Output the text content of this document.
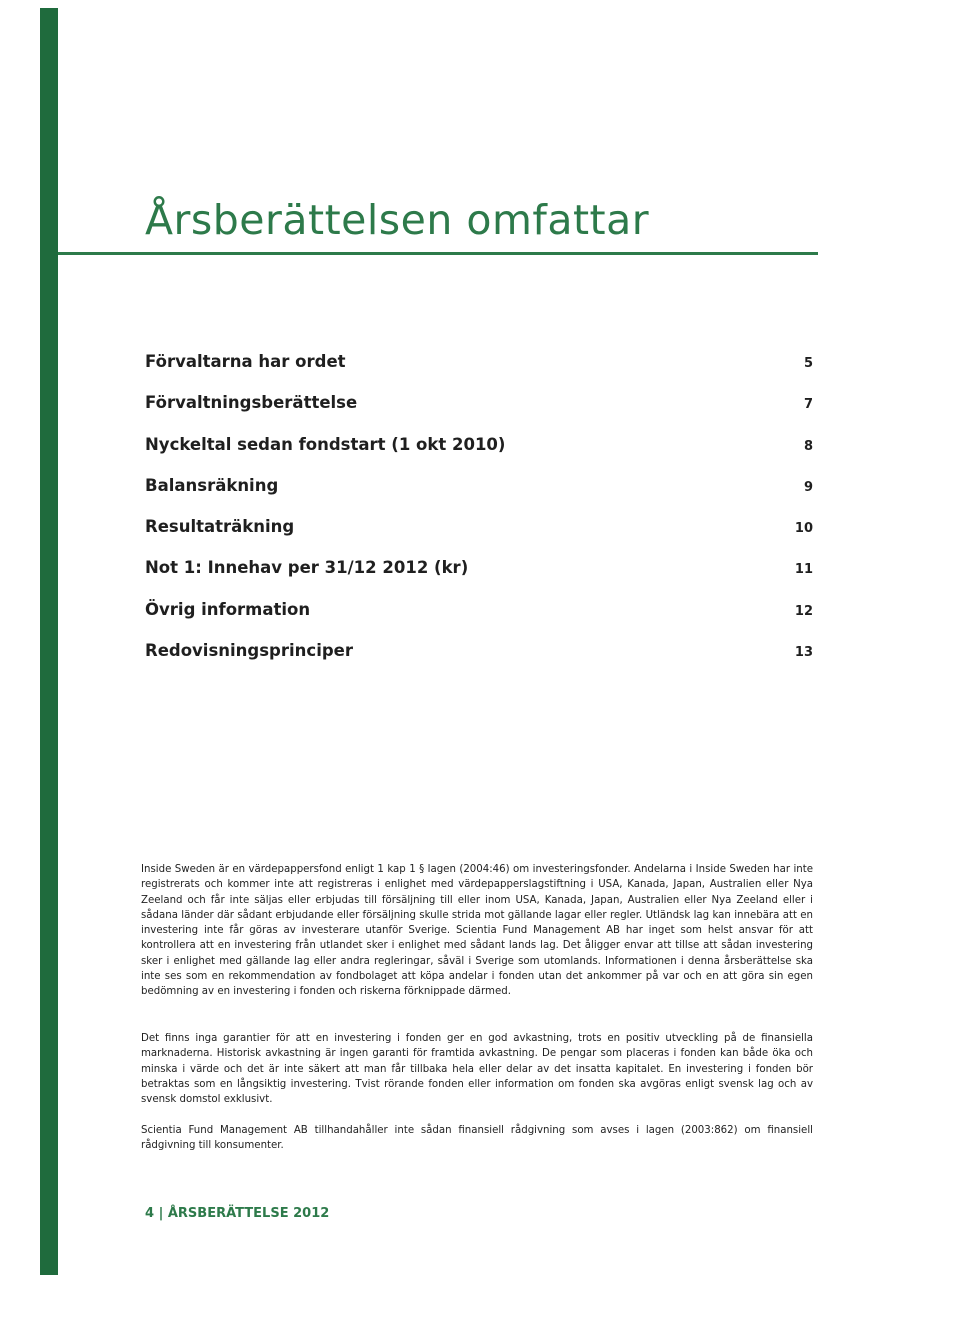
Årsberättelsen omfattar
Förvaltarna har ordet	5
Förvaltningsberättelse	7
Nyckeltal sedan fondstart (1 okt 2010)	8
Balansräkning	9
Resultaträkning	10
Not 1: Innehav per 31/12 2012 (kr)	11
Övrig information	12
Redovisningsprinciper	13

Inside Sweden är en värdepappersfond enligt 1 kap 1 § lagen (2004:46) om investeringsfonder. Andelarna i Inside Sweden har inte registrerats och kommer inte att registreras i enlighet med värdepapperslagstiftning i USA, Kanada, Japan, Australien eller Nya Zeeland och får inte säljas eller erbjudas till försäljning till eller inom USA, Kanada, Japan, Australien eller Nya Zeeland eller i sådana länder där sådant erbjudande eller försäljning skulle strida mot gällande lagar eller regler. Utländsk lag kan innebära att en investering inte får göras av investerare utanför Sverige. Scientia Fund Management AB har inget som helst ansvar för att kontrollera att en investering från utlandet sker i enlighet med sådant lands lag. Det åligger envar att tillse att sådan investering sker i enlighet med gällande lag eller andra regleringar, såväl i Sverige som utomlands. Informationen i denna årsberättelse ska inte ses som en rekommendation av fondbolaget att köpa andelar i fonden utan det ankommer på var och en att göra sin egen bedömning av en investering i fonden och riskerna förknippade därmed.

Det finns inga garantier för att en investering i fonden ger en god avkastning, trots en positiv utveckling på de finansiella marknaderna. Historisk avkastning är ingen garanti för framtida avkastning. De pengar som placeras i fonden kan både öka och minska i värde och det är inte säkert att man får tillbaka hela eller delar av det insatta kapitalet. En investering i fonden bör betraktas som en långsiktig investering. Tvist rörande fonden eller information om fonden ska avgöras enligt svensk lag och av svensk domstol exklusivt.

Scientia Fund Management AB tillhandahåller inte sådan finansiell rådgivning som avses i lagen (2003:862) om finansiell rådgivning till konsumenter.

4 | ÅRSBERÄTTELSE 2012
